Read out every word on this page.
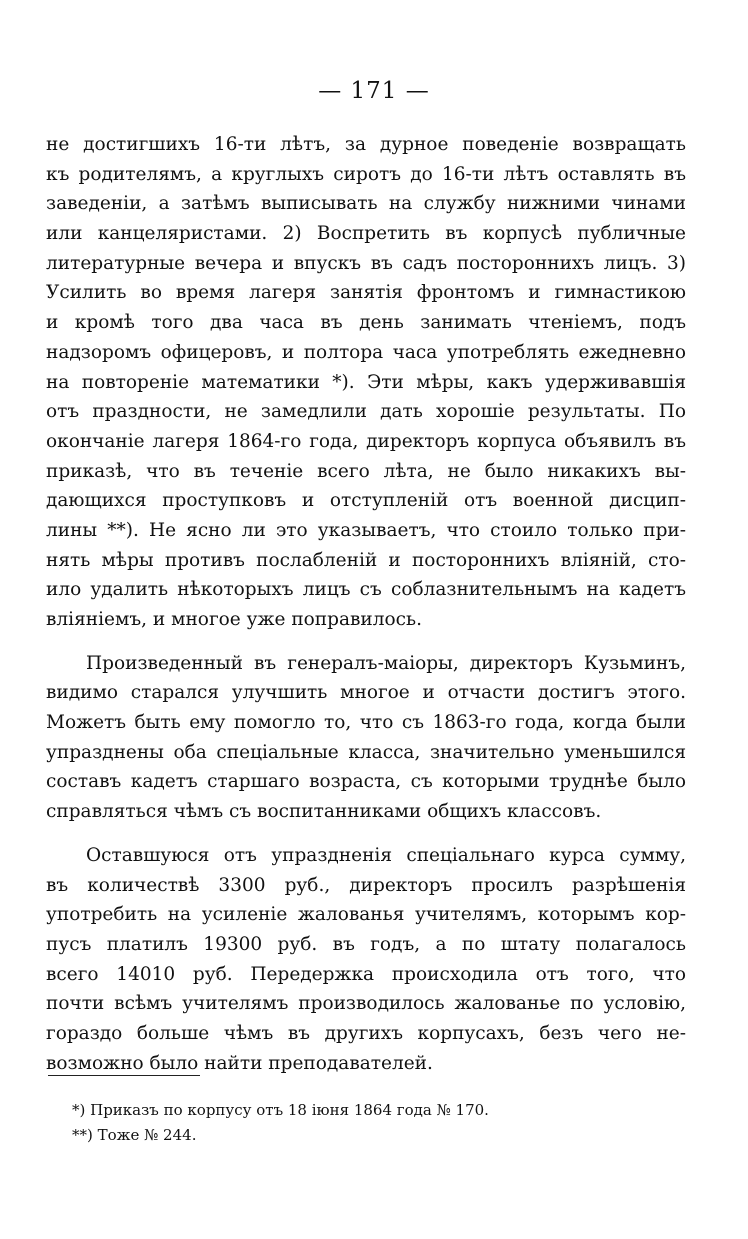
— 171 —
не достигшихъ 16-ти лѣтъ, за дурное поведеніе возвращать
къ родителямъ, а круглыхъ сиротъ до 16-ти лѣтъ оставлять въ
заведеніи, а затѣмъ выписывать на службу нижними чинами
или канцеляристами. 2) Воспретить въ корпусѣ публичные
литературные вечера и впускъ въ садъ постороннихъ лицъ. 3)
Усилить во время лагеря занятія фронтомъ и гимнастикою
и кромѣ того два часа въ день занимать чтеніемъ, подъ
надзоромъ офицеровъ, и полтора часа употреблять ежедневно
на повтореніе математики *). Эти мѣры, какъ удерживавшія
отъ праздности, не замедлили дать хорошіе результаты. По
окончаніе лагеря 1864-го года, директоръ корпуса объявилъ въ
приказѣ, что въ теченіе всего лѣта, не было никакихъ вы-
дающихся проступковъ и отступленій отъ военной дисцип-
лины **). Не ясно ли это указываетъ, что стоило только при-
нять мѣры противъ послабленій и постороннихъ вліяній, сто-
ило удалить нѣкоторыхъ лицъ съ соблазнительнымъ на кадетъ
вліяніемъ, и многое уже поправилось.
Произведенный въ генералъ-маіоры, директоръ Кузьминъ,
видимо старался улучшить многое и отчасти достигъ этого.
Можетъ быть ему помогло то, что съ 1863-го года, когда были
упразднены оба спеціальные класса, значительно уменьшился
составъ кадетъ старшаго возраста, съ которыми труднѣе было
справляться чѣмъ съ воспитанниками общихъ классовъ.
Оставшуюся отъ упраздненія спеціальнаго курса сумму,
въ количествѣ 3300 руб., директоръ просилъ разрѣшенія
употребить на усиленіе жалованья учителямъ, которымъ кор-
пусъ платилъ 19300 руб. въ годъ, а по штату полагалось
всего 14010 руб. Передержка происходила отъ того, что
почти всѣмъ учителямъ производилось жалованье по условію,
гораздо больше чѣмъ въ другихъ корпусахъ, безъ чего не-
возможно было найти преподавателей.
*) Приказъ по корпусу отъ 18 іюня 1864 года № 170.
**) Тоже № 244.
